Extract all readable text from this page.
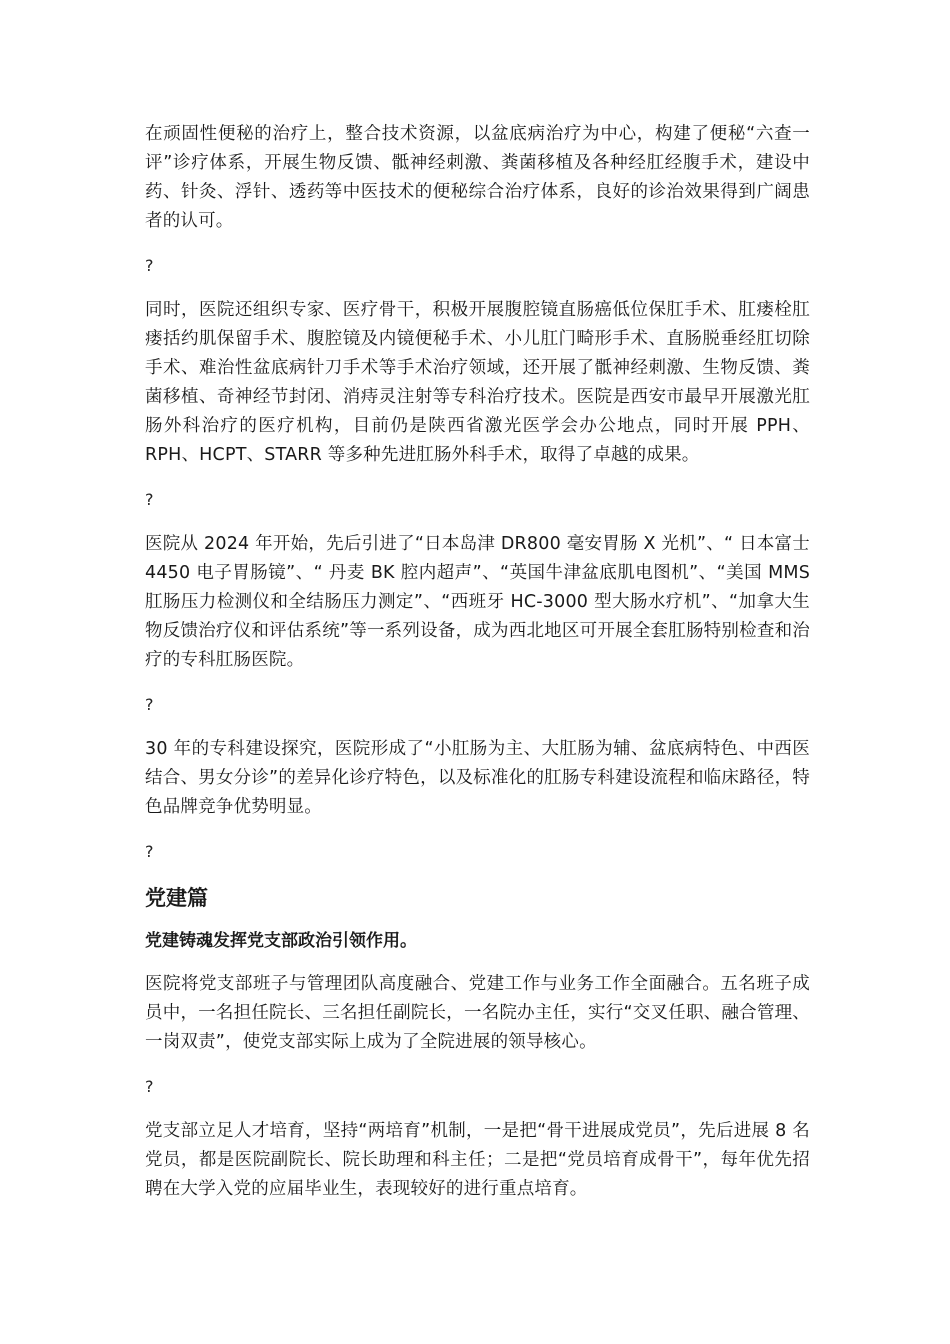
在顽固性便秘的治疗上，整合技术资源，以盆底病治疗为中心，构建了便秘“六查一评”诊疗体系，开展生物反馈、骶神经刺激、粪菌移植及各种经肛经腹手术，建设中药、针灸、浮针、透药等中医技术的便秘综合治疗体系，良好的诊治效果得到广阔患者的认可。

?

同时，医院还组织专家、医疗骨干，积极开展腹腔镜直肠癌低位保肛手术、肛瘘栓肛瘘括约肌保留手术、腹腔镜及内镜便秘手术、小儿肛门畸形手术、直肠脱垂经肛切除手术、难治性盆底病针刀手术等手术治疗领域，还开展了骶神经刺激、生物反馈、粪菌移植、奇神经节封闭、消痔灵注射等专科治疗技术。医院是西安市最早开展激光肛肠外科治疗的医疗机构，目前仍是陕西省激光医学会办公地点，同时开展 PPH、RPH、HCPT、STARR 等多种先进肛肠外科手术，取得了卓越的成果。

?

医院从 2024 年开始，先后引进了“日本岛津 DR800 毫安胃肠 X 光机”、“ 日本富士 4450 电子胃肠镜”、“ 丹麦 BK 腔内超声”、“英国牛津盆底肌电图机”、“美国 MMS 肛肠压力检测仪和全结肠压力测定”、“西班牙 HC-3000 型大肠水疗机”、“加拿大生物反馈治疗仪和评估系统”等一系列设备，成为西北地区可开展全套肛肠特别检查和治疗的专科肛肠医院。

?

30 年的专科建设探究，医院形成了“小肛肠为主、大肛肠为辅、盆底病特色、中西医结合、男女分诊”的差异化诊疗特色，以及标准化的肛肠专科建设流程和临床路径，特色品牌竞争优势明显。

?

党建篇

党建铸魂发挥党支部政治引领作用。

医院将党支部班子与管理团队高度融合、党建工作与业务工作全面融合。五名班子成员中，一名担任院长、三名担任副院长，一名院办主任，实行“交叉任职、融合管理、一岗双责”，使党支部实际上成为了全院进展的领导核心。

?

党支部立足人才培育，坚持“两培育”机制，一是把“骨干进展成党员”，先后进展 8 名党员，都是医院副院长、院长助理和科主任；二是把“党员培育成骨干”，每年优先招聘在大学入党的应届毕业生，表现较好的进行重点培育。
